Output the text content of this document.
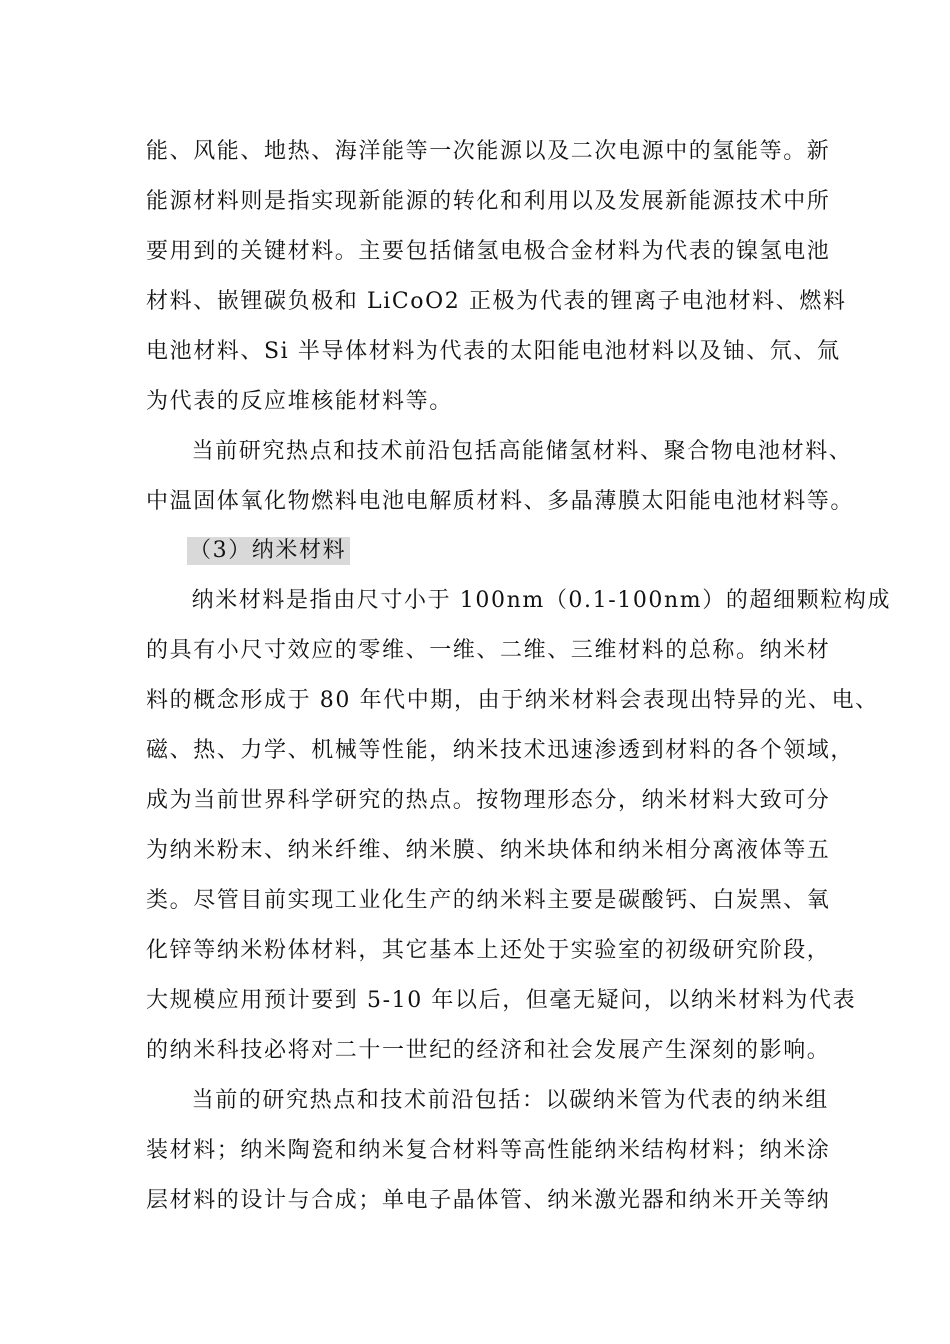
能、风能、地热、海洋能等一次能源以及二次电源中的氢能等。新
能源材料则是指实现新能源的转化和利用以及发展新能源技术中所
要用到的关键材料。主要包括储氢电极合金材料为代表的镍氢电池
材料、嵌锂碳负极和 LiCoO2 正极为代表的锂离子电池材料、燃料
电池材料、Si 半导体材料为代表的太阳能电池材料以及铀、氘、氚
为代表的反应堆核能材料等。
　当前研究热点和技术前沿包括高能储氢材料、聚合物电池材料、
中温固体氧化物燃料电池电解质材料、多晶薄膜太阳能电池材料等。
（3）纳米材料
　纳米材料是指由尺寸小于 100nm（0.1-100nm）的超细颗粒构成
的具有小尺寸效应的零维、一维、二维、三维材料的总称。纳米材
料的概念形成于 80 年代中期，由于纳米材料会表现出特异的光、电、
磁、热、力学、机械等性能，纳米技术迅速渗透到材料的各个领域，
成为当前世界科学研究的热点。按物理形态分，纳米材料大致可分
为纳米粉末、纳米纤维、纳米膜、纳米块体和纳米相分离液体等五
类。尽管目前实现工业化生产的纳米料主要是碳酸钙、白炭黑、氧
化锌等纳米粉体材料，其它基本上还处于实验室的初级研究阶段，
大规模应用预计要到 5-10 年以后，但毫无疑问，以纳米材料为代表
的纳米科技必将对二十一世纪的经济和社会发展产生深刻的影响。
　当前的研究热点和技术前沿包括：以碳纳米管为代表的纳米组
装材料；纳米陶瓷和纳米复合材料等高性能纳米结构材料；纳米涂
层材料的设计与合成；单电子晶体管、纳米激光器和纳米开关等纳
